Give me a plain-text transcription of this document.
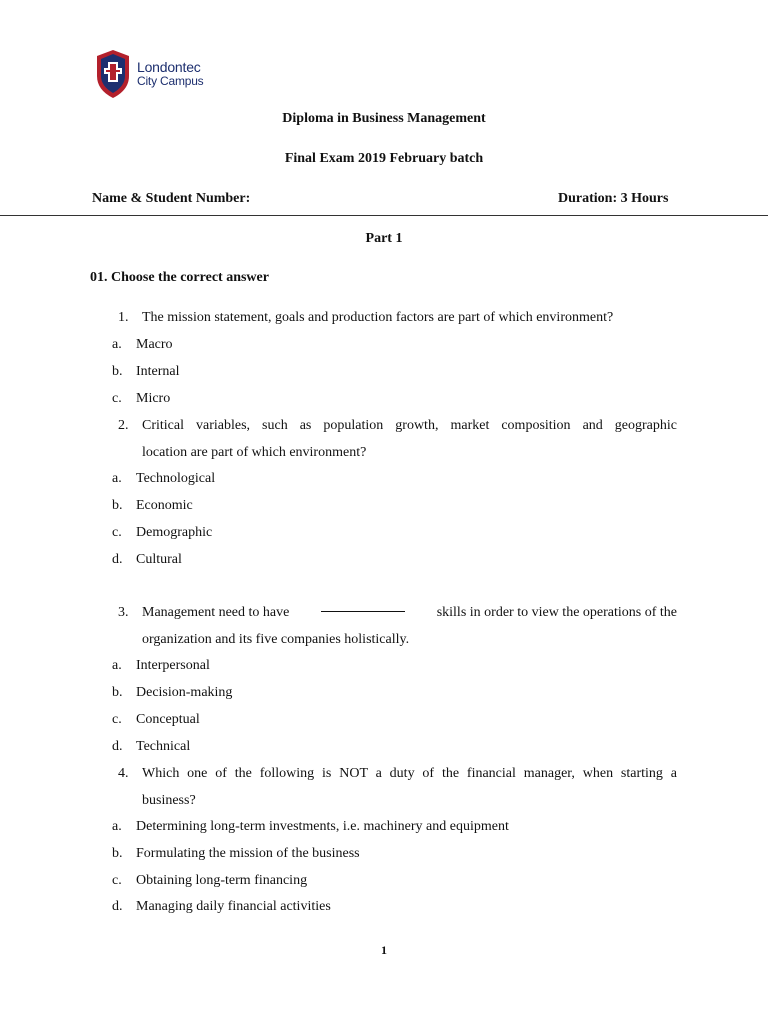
Londontec
City Campus
Diploma in Business Management
Final Exam 2019 February batch
Name & Student Number:	Duration: 3 Hours
Part 1
01. Choose the correct answer
1. The mission statement, goals and production factors are part of which environment?
a. Macro
b. Internal
c. Micro
2. Critical variables, such as population growth, market composition and geographic
location are part of which environment?
a. Technological
b. Economic
c. Demographic
d. Cultural
3. Management need to have	skills in order to view the operations of the
organization and its five companies holistically.
a. Interpersonal
b. Decision-making
c. Conceptual
d. Technical
4. Which one of the following is NOT a duty of the financial manager, when starting a
business?
a. Determining long-term investments, i.e. machinery and equipment
b. Formulating the mission of the business
c. Obtaining long-term financing
d. Managing daily financial activities
1
